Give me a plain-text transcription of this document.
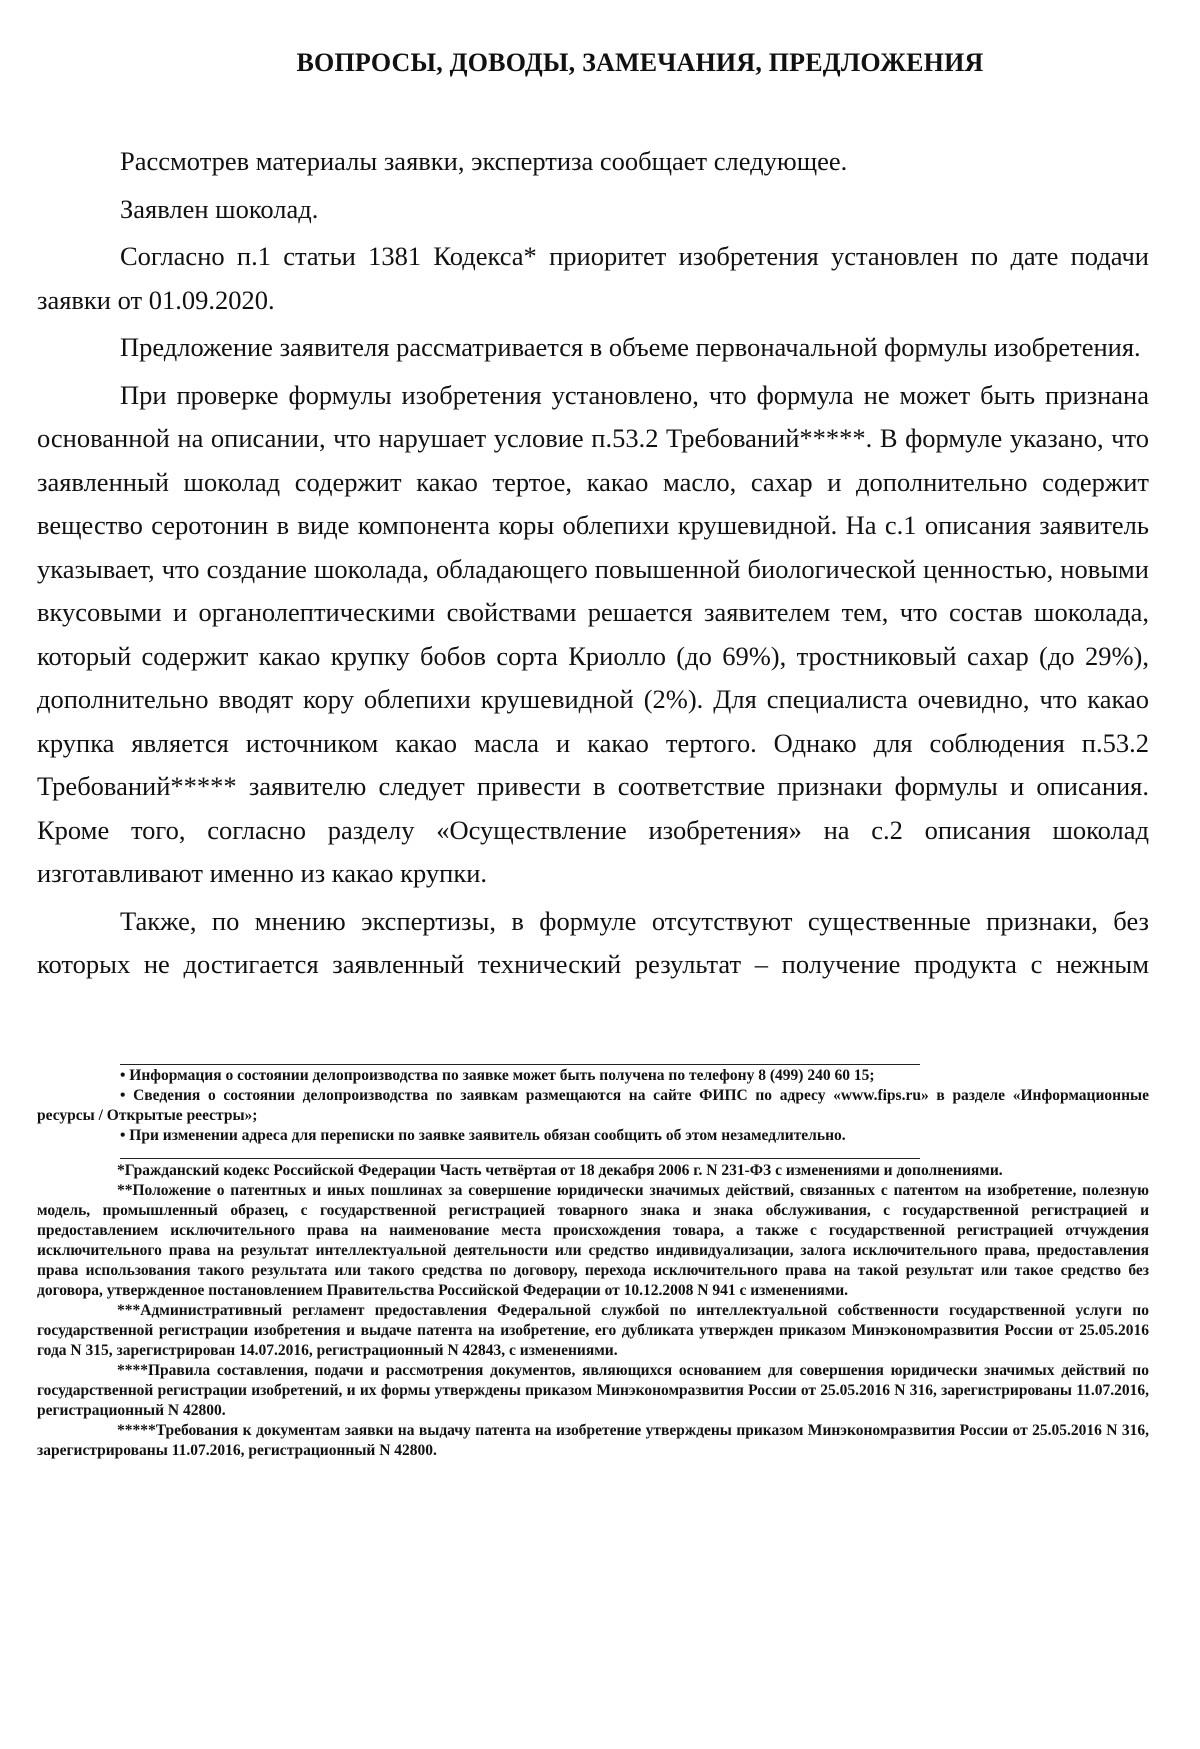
ВОПРОСЫ, ДОВОДЫ, ЗАМЕЧАНИЯ, ПРЕДЛОЖЕНИЯ

Рассмотрев материалы заявки, экспертиза сообщает следующее.

Заявлен шоколад.

Согласно п.1 статьи 1381 Кодекса* приоритет изобретения установлен по дате подачи заявки от 01.09.2020.

Предложение заявителя рассматривается в объеме первоначальной формулы изобретения.

При проверке формулы изобретения установлено, что формула не может быть признана основанной на описании, что нарушает условие п.53.2 Требований*****. В формуле указано, что заявленный шоколад содержит какао тертое, какао масло, сахар и дополнительно содержит вещество серотонин в виде компонента коры облепихи крушевидной. На с.1 описания заявитель указывает, что создание шоколада, обладающего повышенной биологической ценностью, новыми вкусовыми и органолептическими свойствами решается заявителем тем, что состав шоколада, который содержит какао крупку бобов сорта Криолло (до 69%), тростниковый сахар (до 29%), дополнительно вводят кору облепихи крушевидной (2%). Для специалиста очевидно, что какао крупка является источником какао масла и какао тертого. Однако для соблюдения п.53.2 Требований***** заявителю следует привести в соответствие признаки формулы и описания. Кроме того, согласно разделу «Осуществление изобретения» на с.2 описания шоколад изготавливают именно из какао крупки.

Также, по мнению экспертизы, в формуле отсутствуют существенные признаки, без которых не достигается заявленный технический результат – получение продукта с нежным

• Информация о состоянии делопроизводства по заявке может быть получена по телефону 8 (499) 240 60 15;

• Сведения о состоянии делопроизводства по заявкам размещаются на сайте ФИПС по адресу «www.fips.ru» в разделе «Информационные ресурсы / Открытые реестры»;

• При изменении адреса для переписки по заявке заявитель обязан сообщить об этом незамедлительно.

*Гражданский кодекс Российской Федерации Часть четвёртая от 18 декабря 2006 г. N 231-ФЗ с изменениями и дополнениями.

**Положение о патентных и иных пошлинах за совершение юридически значимых действий, связанных с патентом на изобретение, полезную модель, промышленный образец, с государственной регистрацией товарного знака и знака обслуживания, с государственной регистрацией и предоставлением исключительного права на наименование места происхождения товара, а также с государственной регистрацией отчуждения исключительного права на результат интеллектуальной деятельности или средство индивидуализации, залога исключительного права, предоставления права использования такого результата или такого средства по договору, перехода исключительного права на такой результат или такое средство без договора, утвержденное постановлением Правительства Российской Федерации от 10.12.2008 N 941 с изменениями.

***Административный регламент предоставления Федеральной службой по интеллектуальной собственности государственной услуги по государственной регистрации изобретения и выдаче патента на изобретение, его дубликата утвержден приказом Минэкономразвития России от 25.05.2016 года N 315, зарегистрирован 14.07.2016, регистрационный N 42843, с изменениями.

****Правила составления, подачи и рассмотрения документов, являющихся основанием для совершения юридически значимых действий по государственной регистрации изобретений, и их формы утверждены приказом Минэкономразвития России от 25.05.2016 N 316, зарегистрированы 11.07.2016, регистрационный N 42800.

*****Требования к документам заявки на выдачу патента на изобретение утверждены приказом Минэкономразвития России от 25.05.2016 N 316, зарегистрированы 11.07.2016, регистрационный N 42800.
